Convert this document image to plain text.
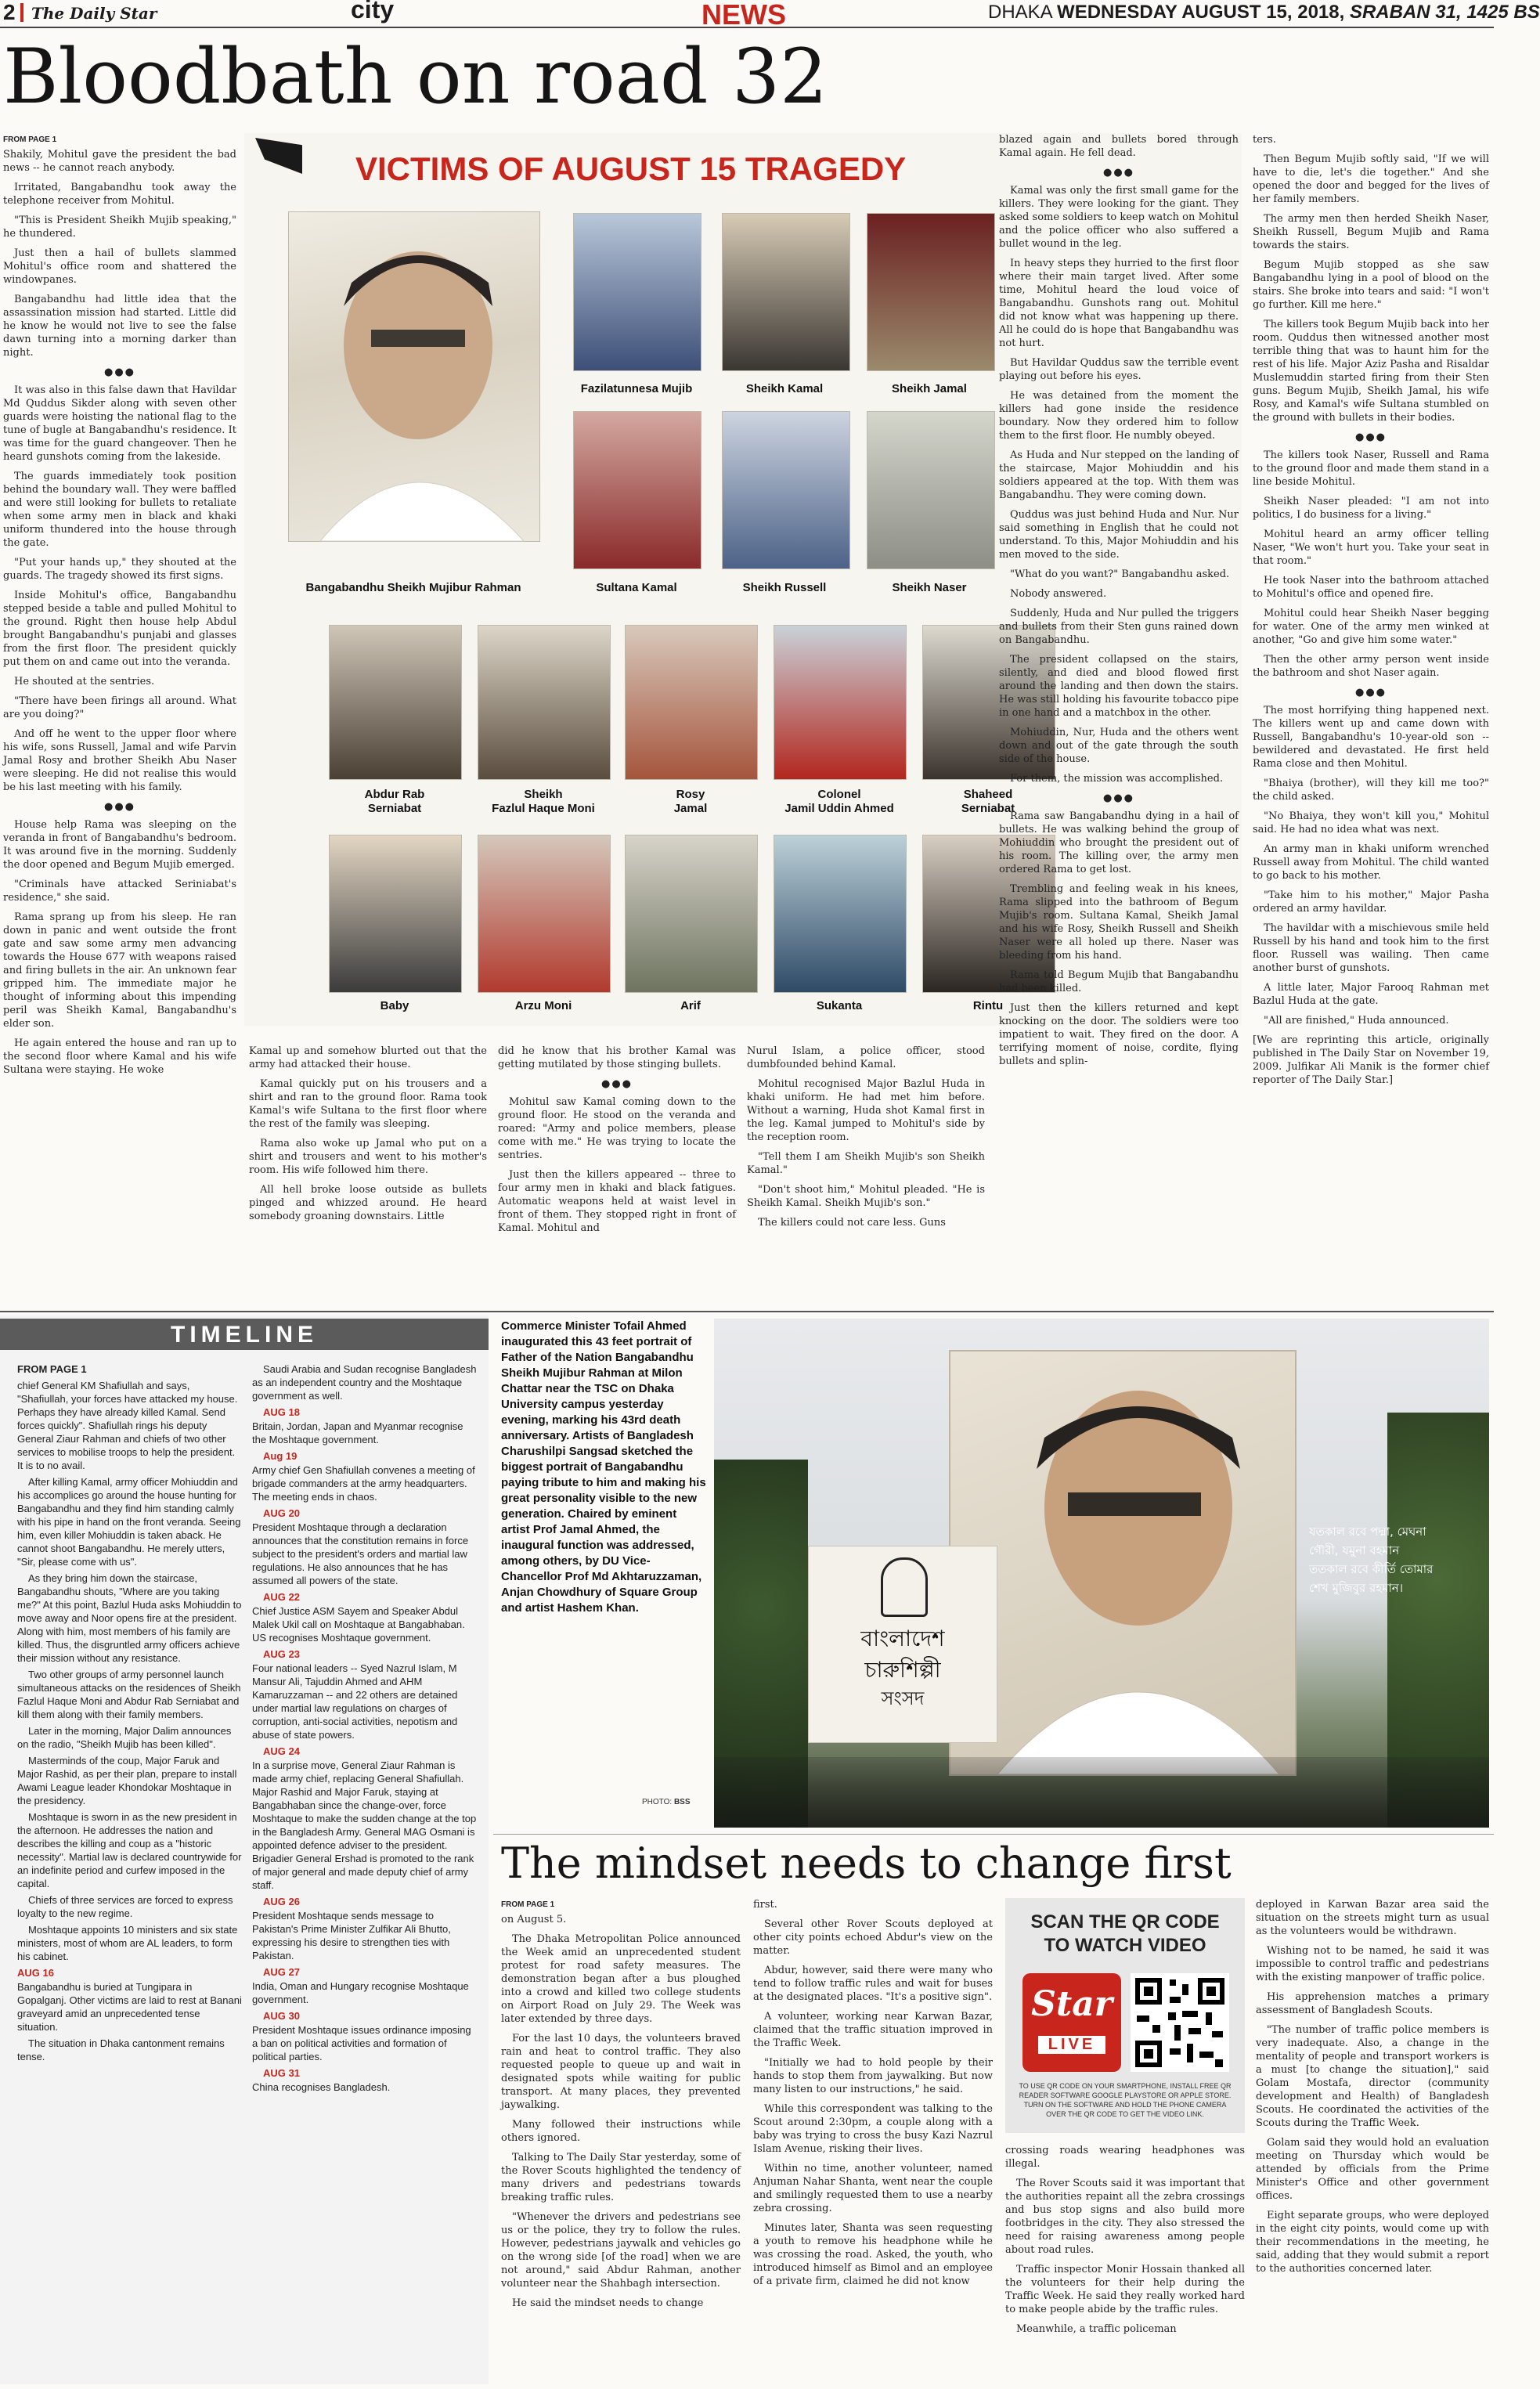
2 The Daily Star	city	NEWS	DHAKA WEDNESDAY AUGUST 15, 2018, SRABAN 31, 1425 BS
Bloodbath on road 32

FROM PAGE 1

Shakily, Mohitul gave the president the bad news -- he cannot reach anybody.

Irritated, Bangabandhu took away the telephone receiver from Mohitul.

"This is President Sheikh Mujib speaking," he thundered.

Just then a hail of bullets slammed Mohitul's office room and shattered the windowpanes.

Bangabandhu had little idea that the assassination mission had started. Little did he know he would not live to see the false dawn turning into a morning darker than night.

●●●

It was also in this false dawn that Havildar Md Quddus Sikder along with seven other guards were hoisting the national flag to the tune of bugle at Bangabandhu's residence. It was time for the guard changeover. Then he heard gunshots coming from the lakeside.

The guards immediately took position behind the boundary wall. They were baffled and were still looking for bullets to retaliate when some army men in black and khaki uniform thundered into the house through the gate.

"Put your hands up," they shouted at the guards. The tragedy showed its first signs.

Inside Mohitul's office, Bangabandhu stepped beside a table and pulled Mohitul to the ground. Right then house help Abdul brought Bangabandhu's punjabi and glasses from the first floor. The president quickly put them on and came out into the veranda.

He shouted at the sentries.

"There have been firings all around. What are you doing?"

And off he went to the upper floor where his wife, sons Russell, Jamal and wife Parvin Jamal Rosy and brother Sheikh Abu Naser were sleeping. He did not realise this would be his last meeting with his family.

●●●

House help Rama was sleeping on the veranda in front of Bangabandhu's bedroom. It was around five in the morning. Suddenly the door opened and Begum Mujib emerged.

"Criminals have attacked Seriniabat's residence," she said.

Rama sprang up from his sleep. He ran down in panic and went outside the front gate and saw some army men advancing towards the House 677 with weapons raised and firing bullets in the air. An unknown fear gripped him. The immediate major he thought of informing about this impending peril was Sheikh Kamal, Bangabandhu's elder son.

He again entered the house and ran up to the second floor where Kamal and his wife Sultana were staying. He woke

VICTIMS OF AUGUST 15 TRAGEDY
Bangabandhu Sheikh Mujibur Rahman
Fazilatunnesa Mujib	Sheikh Kamal	Sheikh Jamal
Sultana Kamal	Sheikh Russell	Sheikh Naser
Abdur Rab
Serniabat
Sheikh
Fazlul Haque Moni
Rosy
Jamal
Colonel
Jamil Uddin Ahmed
Shaheed
Serniabat
Baby	Arzu Moni	Arif	Sukanta	Rintu

Kamal up and somehow blurted out that the army had attacked their house.

Kamal quickly put on his trousers and a shirt and ran to the ground floor. Rama took Kamal's wife Sultana to the first floor where the rest of the family was sleeping.

Rama also woke up Jamal who put on a shirt and trousers and went to his mother's room. His wife followed him there.

All hell broke loose outside as bullets pinged and whizzed around. He heard somebody groaning downstairs. Little

did he know that his brother Kamal was getting mutilated by those stinging bullets.

●●●

Mohitul saw Kamal coming down to the ground floor. He stood on the veranda and roared: "Army and police members, please come with me." He was trying to locate the sentries.

Just then the killers appeared -- three to four army men in khaki and black fatigues. Automatic weapons held at waist level in front of them. They stopped right in front of Kamal. Mohitul and

Nurul Islam, a police officer, stood dumbfounded behind Kamal.

Mohitul recognised Major Bazlul Huda in khaki uniform. He had met him before. Without a warning, Huda shot Kamal first in the leg. Kamal jumped to Mohitul's side by the reception room.

"Tell them I am Sheikh Mujib's son Sheikh Kamal."

"Don't shoot him," Mohitul pleaded. "He is Sheikh Kamal. Sheikh Mujib's son."

The killers could not care less. Guns

blazed again and bullets bored through Kamal again. He fell dead.

●●●

Kamal was only the first small game for the killers. They were looking for the giant. They asked some soldiers to keep watch on Mohitul and the police officer who also suffered a bullet wound in the leg.

In heavy steps they hurried to the first floor where their main target lived. After some time, Mohitul heard the loud voice of Bangabandhu. Gunshots rang out. Mohitul did not know what was happening up there. All he could do is hope that Bangabandhu was not hurt.

But Havildar Quddus saw the terrible event playing out before his eyes.

He was detained from the moment the killers had gone inside the residence boundary. Now they ordered him to follow them to the first floor. He numbly obeyed.

As Huda and Nur stepped on the landing of the staircase, Major Mohiuddin and his soldiers appeared at the top. With them was Bangabandhu. They were coming down.

Quddus was just behind Huda and Nur. Nur said something in English that he could not understand. To this, Major Mohiuddin and his men moved to the side.

"What do you want?" Bangabandhu asked.

Nobody answered.

Suddenly, Huda and Nur pulled the triggers and bullets from their Sten guns rained down on Bangabandhu.

The president collapsed on the stairs, silently, and died and blood flowed first around the landing and then down the stairs. He was still holding his favourite tobacco pipe in one hand and a matchbox in the other.

Mohiuddin, Nur, Huda and the others went down and out of the gate through the south side of the house.

For them, the mission was accomplished.

●●●

Rama saw Bangabandhu dying in a hail of bullets. He was walking behind the group of Mohiuddin who brought the president out of his room. The killing over, the army men ordered Rama to get lost.

Trembling and feeling weak in his knees, Rama slipped into the bathroom of Begum Mujib's room. Sultana Kamal, Sheikh Jamal and his wife Rosy, Sheikh Russell and Sheikh Naser were all holed up there. Naser was bleeding from his hand.

Rama told Begum Mujib that Bangabandhu had been killed.

Just then the killers returned and kept knocking on the door. The soldiers were too impatient to wait. They fired on the door. A terrifying moment of noise, cordite, flying bullets and splin-

ters.

Then Begum Mujib softly said, "If we will have to die, let's die together." And she opened the door and begged for the lives of her family members.

The army men then herded Sheikh Naser, Sheikh Russell, Begum Mujib and Rama towards the stairs.

Begum Mujib stopped as she saw Bangabandhu lying in a pool of blood on the stairs. She broke into tears and said: "I won't go further. Kill me here."

The killers took Begum Mujib back into her room. Quddus then witnessed another most terrible thing that was to haunt him for the rest of his life. Major Aziz Pasha and Risaldar Muslemuddin started firing from their Sten guns. Begum Mujib, Sheikh Jamal, his wife Rosy, and Kamal's wife Sultana stumbled on the ground with bullets in their bodies.

●●●

The killers took Naser, Russell and Rama to the ground floor and made them stand in a line beside Mohitul.

Sheikh Naser pleaded: "I am not into politics, I do business for a living."

Mohitul heard an army officer telling Naser, "We won't hurt you. Take your seat in that room."

He took Naser into the bathroom attached to Mohitul's office and opened fire.

Mohitul could hear Sheikh Naser begging for water. One of the army men winked at another, "Go and give him some water."

Then the other army person went inside the bathroom and shot Naser again.

●●●

The most horrifying thing happened next. The killers went up and came down with Russell, Bangabandhu's 10-year-old son -- bewildered and devastated. He first held Rama close and then Mohitul.

"Bhaiya (brother), will they kill me too?" the child asked.

"No Bhaiya, they won't kill you," Mohitul said. He had no idea what was next.

An army man in khaki uniform wrenched Russell away from Mohitul. The child wanted to go back to his mother.

"Take him to his mother," Major Pasha ordered an army havildar.

The havildar with a mischievous smile held Russell by his hand and took him to the first floor. Russell was wailing. Then came another burst of gunshots.

A little later, Major Farooq Rahman met Bazlul Huda at the gate.

"All are finished," Huda announced.

[We are reprinting this article, originally published in The Daily Star on November 19, 2009. Julfikar Ali Manik is the former chief reporter of The Daily Star.]

TIMELINE

FROM PAGE 1

chief General KM Shafiullah and says, "Shafiullah, your forces have attacked my house. Perhaps they have already killed Kamal. Send forces quickly". Shafiullah rings his deputy General Ziaur Rahman and chiefs of two other services to mobilise troops to help the president. It is to no avail.

After killing Kamal, army officer Mohiuddin and his accomplices go around the house hunting for Bangabandhu and they find him standing calmly with his pipe in hand on the front veranda. Seeing him, even killer Mohiuddin is taken aback. He cannot shoot Bangabandhu. He merely utters, "Sir, please come with us".

As they bring him down the staircase, Bangabandhu shouts, "Where are you taking me?" At this point, Bazlul Huda asks Mohiuddin to move away and Noor opens fire at the president. Along with him, most members of his family are killed. Thus, the disgruntled army officers achieve their mission without any resistance.

Two other groups of army personnel launch simultaneous attacks on the residences of Sheikh Fazlul Haque Moni and Abdur Rab Serniabat and kill them along with their family members.

Later in the morning, Major Dalim announces on the radio, "Sheikh Mujib has been killed".

Masterminds of the coup, Major Faruk and Major Rashid, as per their plan, prepare to install Awami League leader Khondokar Moshtaque in the presidency.

Moshtaque is sworn in as the new president in the afternoon. He addresses the nation and describes the killing and coup as a "historic necessity". Martial law is declared countrywide for an indefinite period and curfew imposed in the capital.

Chiefs of three services are forced to express loyalty to the new regime.

Moshtaque appoints 10 ministers and six state ministers, most of whom are AL leaders, to form his cabinet.

AUG 16

Bangabandhu is buried at Tungipara in Gopalganj. Other victims are laid to rest at Banani graveyard amid an unprecedented tense situation.

The situation in Dhaka cantonment remains tense.

Saudi Arabia and Sudan recognise Bangladesh as an independent country and the Moshtaque government as well.

AUG 18

Britain, Jordan, Japan and Myanmar recognise the Moshtaque government.

Aug 19

Army chief Gen Shafiullah convenes a meeting of brigade commanders at the army headquarters. The meeting ends in chaos.

AUG 20

President Moshtaque through a declaration announces that the constitution remains in force subject to the president's orders and martial law regulations. He also announces that he has assumed all powers of the state.

AUG 22

Chief Justice ASM Sayem and Speaker Abdul Malek Ukil call on Moshtaque at Bangabhaban. US recognises Moshtaque government.

AUG 23

Four national leaders -- Syed Nazrul Islam, M Mansur Ali, Tajuddin Ahmed and AHM Kamaruzzaman -- and 22 others are detained under martial law regulations on charges of corruption, anti-social activities, nepotism and abuse of state powers.

AUG 24

In a surprise move, General Ziaur Rahman is made army chief, replacing General Shafiullah. Major Rashid and Major Faruk, staying at Bangabhaban since the change-over, force Moshtaque to make the sudden change at the top in the Bangladesh Army. General MAG Osmani is appointed defence adviser to the president. Brigadier General Ershad is promoted to the rank of major general and made deputy chief of army staff.

AUG 26

President Moshtaque sends message to Pakistan's Prime Minister Zulfikar Ali Bhutto, expressing his desire to strengthen ties with Pakistan.

AUG 27

India, Oman and Hungary recognise Moshtaque government.

AUG 30

President Moshtaque issues ordinance imposing a ban on political activities and formation of political parties.

AUG 31

China recognises Bangladesh.

Commerce Minister Tofail Ahmed inaugurated this 43 feet portrait of Father of the Nation Bangabandhu Sheikh Mujibur Rahman at Milon Chattar near the TSC on Dhaka University campus yesterday evening, marking his 43rd death anniversary. Artists of Bangladesh Charushilpi Sangsad sketched the biggest portrait of Bangabandhu paying tribute to him and making his great personality visible to the new generation. Chaired by eminent artist Prof Jamal Ahmed, the inaugural function was addressed, among others, by DU Vice-Chancellor Prof Md Akhtaruzzaman, Anjan Chowdhury of Square Group and artist Hashem Khan.
PHOTO: BSS
বাংলাদেশ
চারুশিল্পী
সংসদ
যতকাল রবে পদ্মা, মেঘনা
গৌরী, যমুনা বহমান
ততকাল রবে কীর্তি তোমার
শেখ মুজিবুর রহমান।
The mindset needs to change first

FROM PAGE 1

on August 5.

The Dhaka Metropolitan Police announced the Week amid an unprecedented student protest for road safety measures. The demonstration began after a bus ploughed into a crowd and killed two college students on Airport Road on July 29. The Week was later extended by three days.

For the last 10 days, the volunteers braved rain and heat to control traffic. They also requested people to queue up and wait in designated spots while waiting for public transport. At many places, they prevented jaywalking.

Many followed their instructions while others ignored.

Talking to The Daily Star yesterday, some of the Rover Scouts highlighted the tendency of many drivers and pedestrians towards breaking traffic rules.

"Whenever the drivers and pedestrians see us or the police, they try to follow the rules. However, pedestrians jaywalk and vehicles go on the wrong side [of the road] when we are not around," said Abdur Rahman, another volunteer near the Shahbagh intersection.

He said the mindset needs to change

first.

Several other Rover Scouts deployed at other city points echoed Abdur's view on the matter.

Abdur, however, said there were many who tend to follow traffic rules and wait for buses at the designated places. "It's a positive sign".

A volunteer, working near Karwan Bazar, claimed that the traffic situation improved in the Traffic Week.

"Initially we had to hold people by their hands to stop them from jaywalking. But now many listen to our instructions," he said.

While this correspondent was talking to the Scout around 2:30pm, a couple along with a baby was trying to cross the busy Kazi Nazrul Islam Avenue, risking their lives.

Within no time, another volunteer, named Anjuman Nahar Shanta, went near the couple and smilingly requested them to use a nearby zebra crossing.

Minutes later, Shanta was seen requesting a youth to remove his headphone while he was crossing the road. Asked, the youth, who introduced himself as Bimol and an employee of a private firm, claimed he did not know

SCAN THE QR CODE
TO WATCH VIDEO
Star
LIVE
TO USE QR CODE ON YOUR SMARTPHONE, INSTALL FREE QR READER SOFTWARE GOOGLE PLAYSTORE OR APPLE STORE. TURN ON THE SOFTWARE AND HOLD THE PHONE CAMERA OVER THE QR CODE TO GET THE VIDEO LINK.

crossing roads wearing headphones was illegal.

The Rover Scouts said it was important that the authorities repaint all the zebra crossings and bus stop signs and also build more footbridges in the city. They also stressed the need for raising awareness among people about road rules.

Traffic inspector Monir Hossain thanked all the volunteers for their help during the Traffic Week. He said they really worked hard to make people abide by the traffic rules.

Meanwhile, a traffic policeman

deployed in Karwan Bazar area said the situation on the streets might turn as usual as the volunteers would be withdrawn.

Wishing not to be named, he said it was impossible to control traffic and pedestrians with the existing manpower of traffic police.

His apprehension matches a primary assessment of Bangladesh Scouts.

"The number of traffic police members is very inadequate. Also, a change in the mentality of people and transport workers is a must [to change the situation]," said Golam Mostafa, director (community development and Health) of Bangladesh Scouts. He coordinated the activities of the Scouts during the Traffic Week.

Golam said they would hold an evaluation meeting on Thursday which would be attended by officials from the Prime Minister's Office and other government offices.

Eight separate groups, who were deployed in the eight city points, would come up with their recommendations in the meeting, he said, adding that they would submit a report to the authorities concerned later.
